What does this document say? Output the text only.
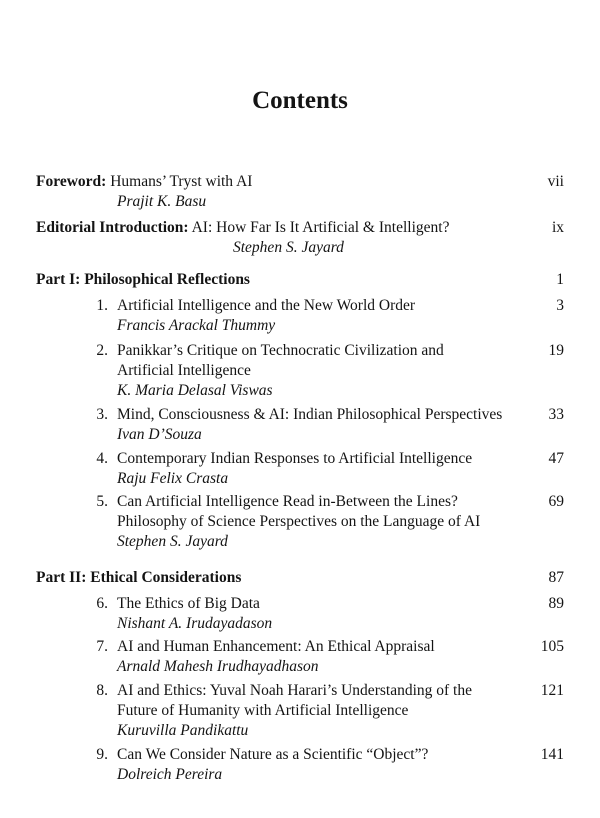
Contents
Foreword: Humans’ Tryst with AI
Prajit K. Basu
vii
Editorial Introduction: AI: How Far Is It Artificial & Intelligent?
Stephen S. Jayard
ix
Part I: Philosophical Reflections	1
1. Artificial Intelligence and the New World Order
Francis Arackal Thummy
3
2. Panikkar’s Critique on Technocratic Civilization and
Artificial Intelligence
K. Maria Delasal Viswas
19
3. Mind, Consciousness & AI: Indian Philosophical Perspectives
Ivan D’Souza
33
4. Contemporary Indian Responses to Artificial Intelligence
Raju Felix Crasta
47
5. Can Artificial Intelligence Read in-Between the Lines?
Philosophy of Science Perspectives on the Language of AI
Stephen S. Jayard
69
Part II: Ethical Considerations	87
6. The Ethics of Big Data
Nishant A. Irudayadason
89
7. AI and Human Enhancement: An Ethical Appraisal
Arnald Mahesh Irudhayadhason
105
8. AI and Ethics: Yuval Noah Harari’s Understanding of the
Future of Humanity with Artificial Intelligence
Kuruvilla Pandikattu
121
9. Can We Consider Nature as a Scientific “Object”?
Dolreich Pereira
141
